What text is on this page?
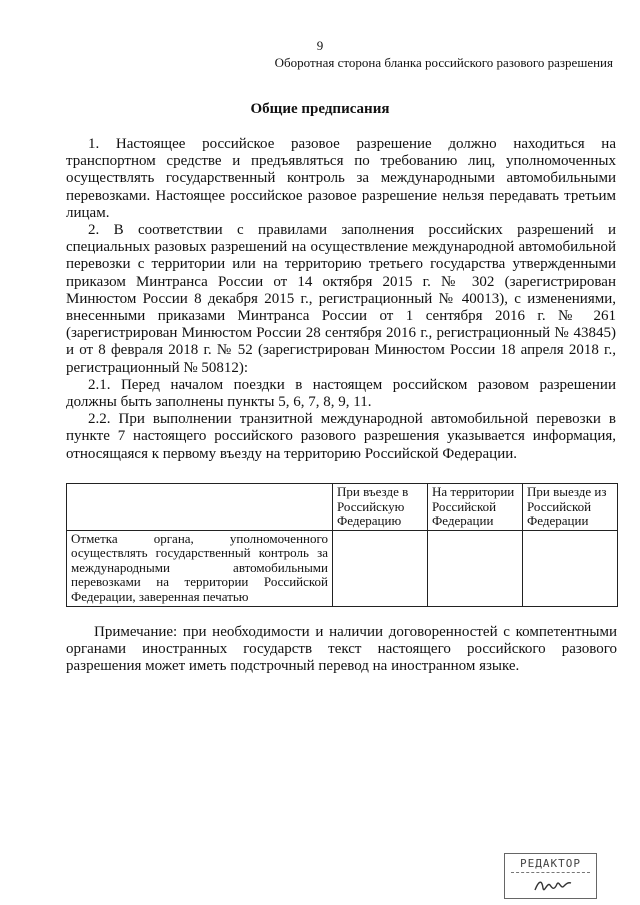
9
Оборотная сторона бланка российского разового разрешения
Общие предписания

1. Настоящее российское разовое разрешение должно находиться на транспортном средстве и предъявляться по требованию лиц, уполномоченных осуществлять государственный контроль за международными автомобильными перевозками. Настоящее российское разовое разрешение нельзя передавать третьим лицам.

2. В соответствии с правилами заполнения российских разрешений и специальных разовых разрешений на осуществление международной автомобильной перевозки с территории или на территорию третьего государства утвержденными приказом Минтранса России от 14 октября 2015 г. № 302 (зарегистрирован Минюстом России 8 декабря 2015 г., регистрационный № 40013), с изменениями, внесенными приказами Минтранса России от 1 сентября 2016 г. № 261 (зарегистрирован Минюстом России 28 сентября 2016 г., регистрационный № 43845) и от 8 февраля 2018 г. № 52 (зарегистрирован Минюстом России 18 апреля 2018 г., регистрационный № 50812):

2.1. Перед началом поездки в настоящем российском разовом разрешении должны быть заполнены пункты 5, 6, 7, 8, 9, 11.

2.2. При выполнении транзитной международной автомобильной перевозки в пункте 7 настоящего российского разового разрешения указывается информация, относящаяся к первому въезду на территорию Российской Федерации.

	При въезде в Российскую Федерацию	На территории Российской Федерации	При выезде из Российской Федерации
Отметка органа, уполномоченного осуществлять государственный контроль за международными автомобильными перевозками на территории Российской Федерации, заверенная печатью			

Примечание: при необходимости и наличии договоренностей с компетентными органами иностранных государств текст настоящего российского разового разрешения может иметь подстрочный перевод на иностранном языке.

РЕДАКТОР
